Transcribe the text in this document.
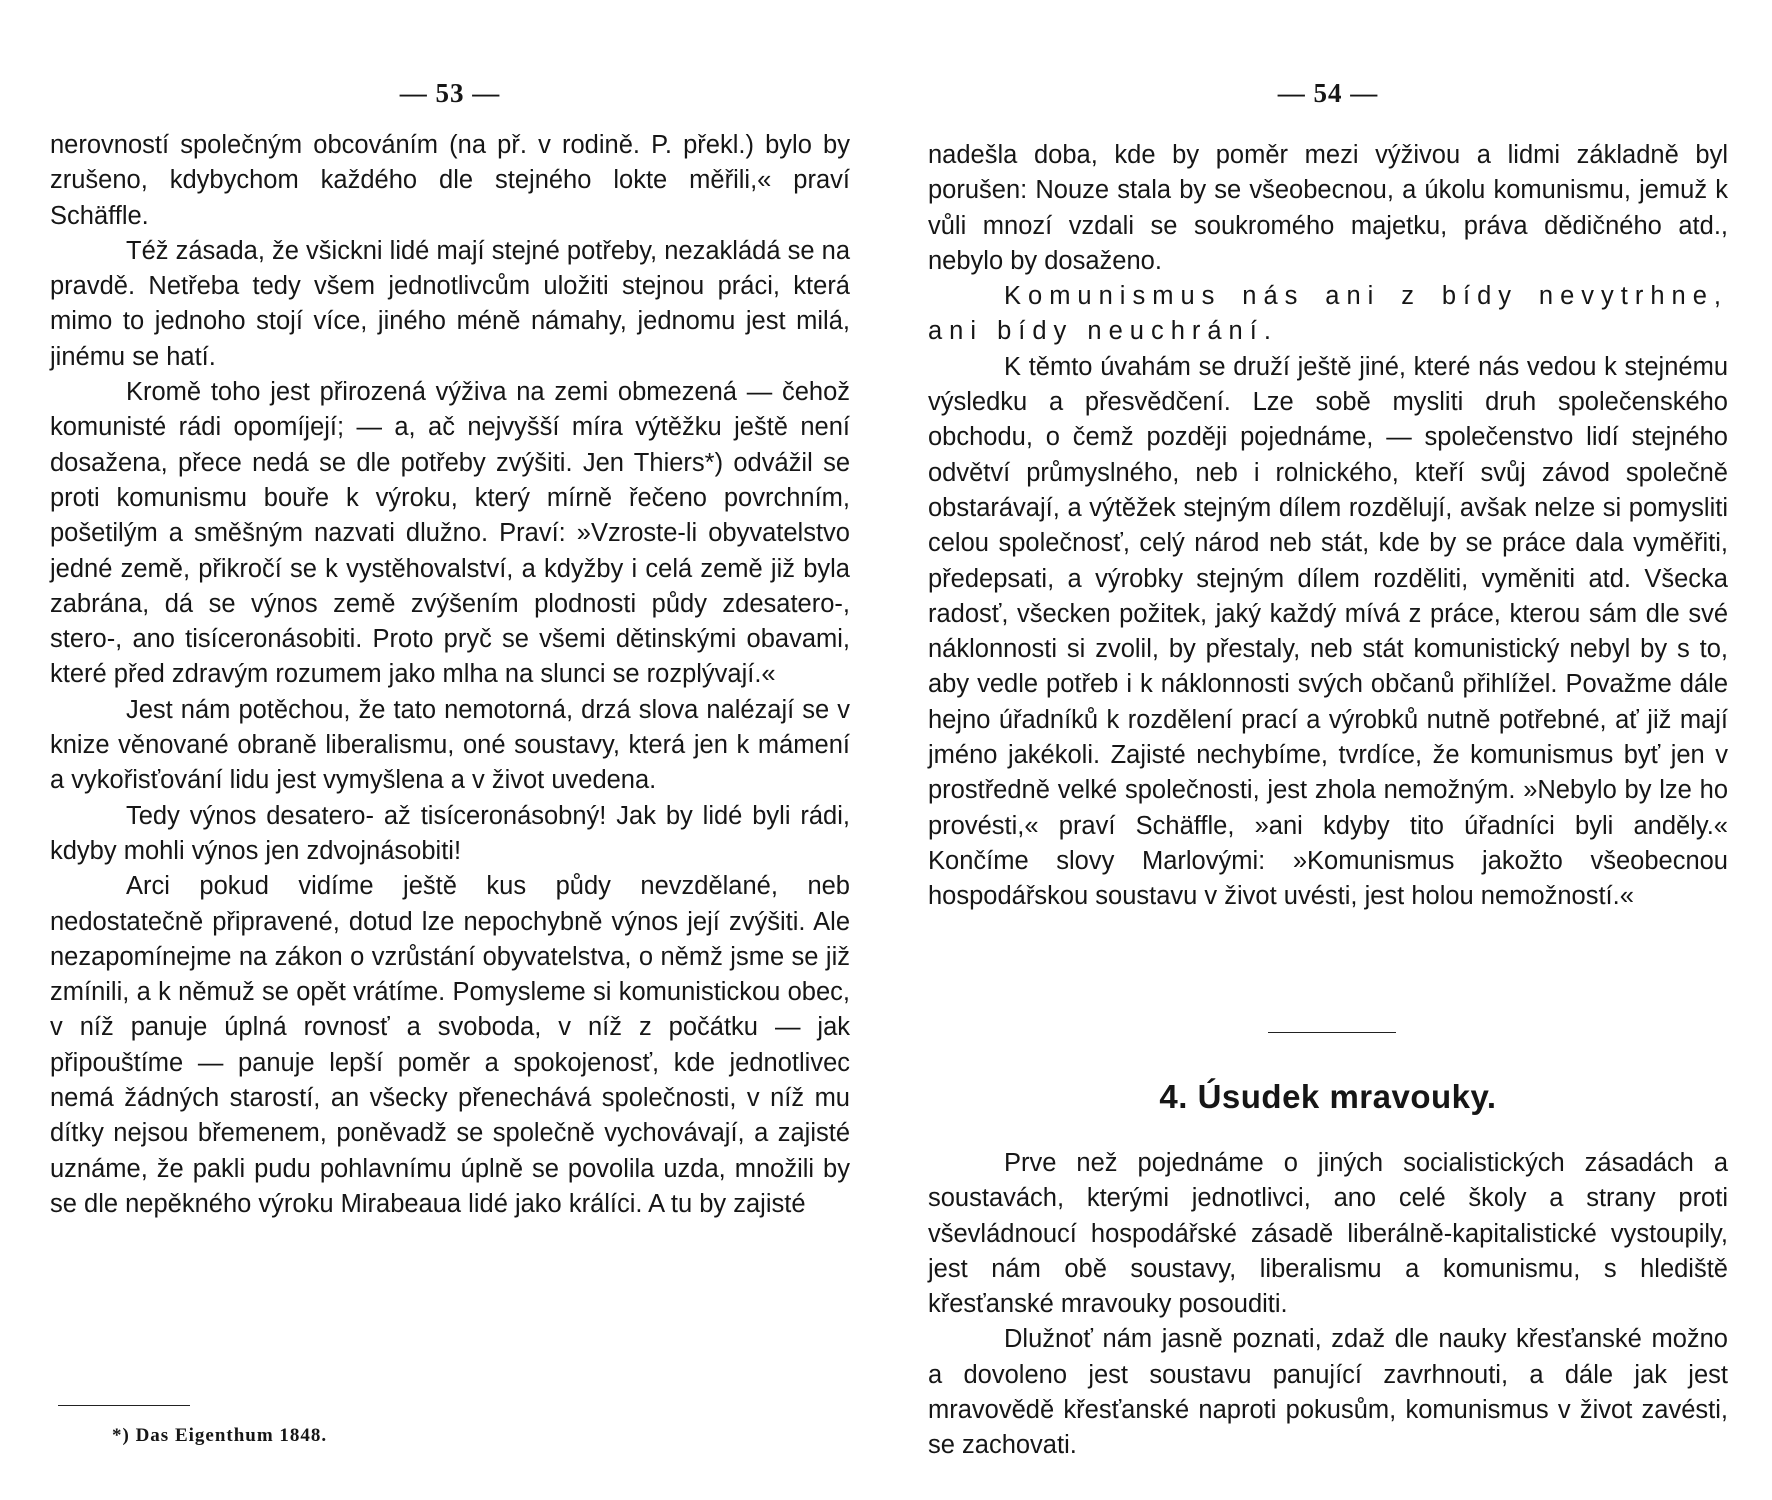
— 53 —

nerovností společným obcováním (na př. v rodině. P. překl.) bylo by zrušeno, kdybychom každého dle stejného lokte měřili,« praví Schäffle.

Též zásada, že všickni lidé mají stejné potřeby, nezakládá se na pravdě. Netřeba tedy všem jednotlivcům uložiti stejnou práci, která mimo to jednoho stojí více, jiného méně námahy, jednomu jest milá, jinému se hatí.

Kromě toho jest přirozená výživa na zemi obmezená — čehož komunisté rádi opomíjejí; — a, ač nejvyšší míra výtěžku ještě není dosažena, přece nedá se dle potřeby zvýšiti. Jen Thiers*) odvážil se proti komunismu bouře k výroku, který mírně řečeno povrchním, pošetilým a směšným nazvati dlužno. Praví: »Vzroste-li obyvatelstvo jedné země, přikročí se k vystěhovalství, a kdyžby i celá země již byla zabrána, dá se výnos země zvýšením plodnosti půdy zdesatero-, stero-, ano tisíceronásobiti. Proto pryč se všemi dětinskými obavami, které před zdravým rozumem jako mlha na slunci se rozplývají.«

Jest nám potěchou, že tato nemotorná, drzá slova nalézají se v knize věnované obraně liberalismu, oné soustavy, která jen k mámení a vykořisťování lidu jest vymyšlena a v život uvedena.

Tedy výnos desatero- až tisíceronásobný! Jak by lidé byli rádi, kdyby mohli výnos jen zdvojnásobiti!

Arci pokud vidíme ještě kus půdy nevzdělané, neb nedostatečně připravené, dotud lze nepochybně výnos její zvýšiti. Ale nezapomínejme na zákon o vzrůstání obyvatelstva, o němž jsme se již zmínili, a k němuž se opět vrátíme. Pomysleme si komunistickou obec, v níž panuje úplná rovnosť a svoboda, v níž z počátku — jak připouštíme — panuje lepší poměr a spokojenosť, kde jednotlivec nemá žádných starostí, an všecky přenechává společnosti, v níž mu dítky nejsou břemenem, poněvadž se společně vychovávají, a zajisté uznáme, že pakli pudu pohlavnímu úplně se povolila uzda, množili by se dle nepěkného výroku Mirabeaua lidé jako králíci. A tu by zajisté

*) Das Eigenthum 1848.
— 54 —

nadešla doba, kde by poměr mezi výživou a lidmi základně byl porušen: Nouze stala by se všeobecnou, a úkolu komunismu, jemuž k vůli mnozí vzdali se soukromého majetku, práva dědičného atd., nebylo by dosaženo.

Komunismus nás ani z bídy nevytrhne, ani bídy neuchrání.

K těmto úvahám se druží ještě jiné, které nás vedou k stejnému výsledku a přesvědčení. Lze sobě mysliti druh společenského obchodu, o čemž později pojednáme, — společenstvo lidí stejného odvětví průmyslného, neb i rolnického, kteří svůj závod společně obstarávají, a výtěžek stejným dílem rozdělují, avšak nelze si pomysliti celou společnosť, celý národ neb stát, kde by se práce dala vyměřiti, předepsati, a výrobky stejným dílem rozděliti, vyměniti atd. Všecka radosť, všecken požitek, jaký každý mívá z práce, kterou sám dle své náklonnosti si zvolil, by přestaly, neb stát komunistický nebyl by s to, aby vedle potřeb i k náklonnosti svých občanů přihlížel. Považme dále hejno úřadníků k rozdělení prací a výrobků nutně potřebné, ať již mají jméno jakékoli. Zajisté nechybíme, tvrdíce, že komunismus byť jen v prostředně velké společnosti, jest zhola nemožným. »Nebylo by lze ho provésti,« praví Schäffle, »ani kdyby tito úřadníci byli anděly.« Končíme slovy Marlovými: »Komunismus jakožto všeobecnou hospodářskou soustavu v život uvésti, jest holou nemožností.«

4. Úsudek mravouky.

Prve než pojednáme o jiných socialistických zásadách a soustavách, kterými jednotlivci, ano celé školy a strany proti vševládnoucí hospodářské zásadě liberálně-kapitalistické vystoupily, jest nám obě soustavy, liberalismu a komunismu, s hlediště křesťanské mravouky posouditi.

Dlužnoť nám jasně poznati, zdaž dle nauky křesťanské možno a dovoleno jest soustavu panující zavrhnouti, a dále jak jest mravovědě křesťanské naproti pokusům, komunismus v život zavésti, se zachovati.
